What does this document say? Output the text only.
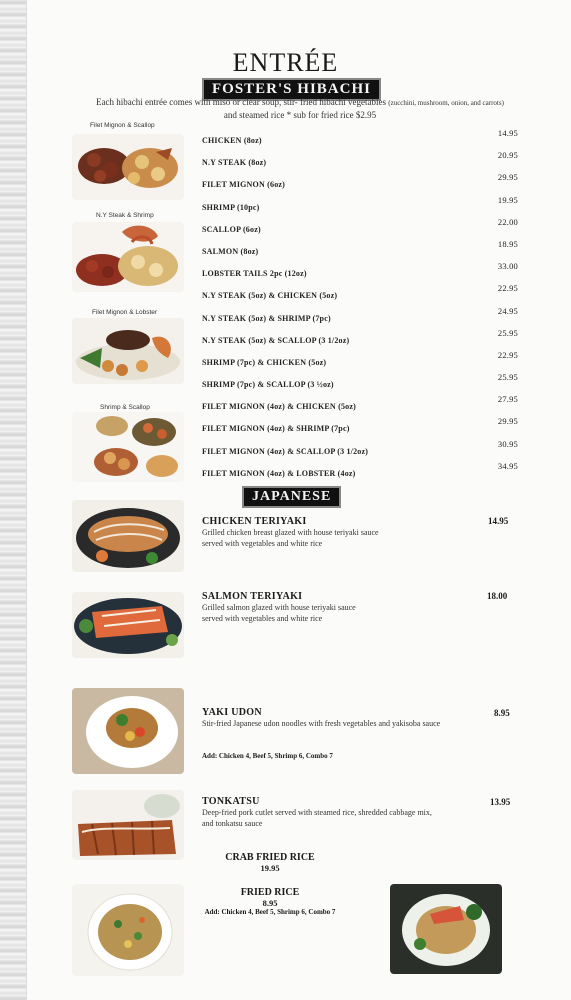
ENTRÉE
FOSTER'S HIBACHI
Each hibachi entrée comes with miso or clear soup, stir- fried hibachi vegetables (zucchini, mushroom, onion, and carrots)
and steamed rice * sub for fried rice $2.95
Filet Mignon & Scallop
N.Y Steak & Shrimp
Filet Mignon & Lobster
Shrimp & Scallop
CHICKEN (8oz)
14.95
N.Y STEAK (8oz)
20.95
FILET MIGNON (6oz)
29.95
SHRIMP (10pc)
19.95
SCALLOP (6oz)
22.00
SALMON (8oz)
18.95
LOBSTER TAILS 2pc (12oz)
33.00
N.Y STEAK (5oz) & CHICKEN (5oz)
22.95
N.Y STEAK (5oz) & SHRIMP (7pc)
24.95
N.Y STEAK (5oz) & SCALLOP (3 1/2oz)
25.95
SHRIMP (7pc) & CHICKEN (5oz)
22.95
SHRIMP (7pc) & SCALLOP (3 ½oz)
25.95
FILET MIGNON (4oz) & CHICKEN (5oz)
27.95
FILET MIGNON (4oz) & SHRIMP (7pc)
29.95
FILET MIGNON (4oz) & SCALLOP (3 1/2oz)
30.95
FILET MIGNON (4oz) & LOBSTER (4oz)
34.95
JAPANESE
CHICKEN TERIYAKI
Grilled chicken breast glazed with house teriyaki sauce
served with vegetables and white rice
14.95
SALMON TERIYAKI
Grilled salmon glazed with house teriyaki sauce
served with vegetables and white rice
18.00
YAKI UDON
Stir-fried Japanese udon noodles with fresh vegetables and yakisoba sauce
8.95
Add: Chicken 4, Beef 5, Shrimp 6, Combo 7
TONKATSU
Deep-fried pork cutlet served with steamed rice, shredded cabbage mix,
and tonkatsu sauce
13.95
CRAB FRIED RICE
19.95
FRIED RICE
8.95
Add: Chicken 4, Beef 5, Shrimp 6, Combo 7
